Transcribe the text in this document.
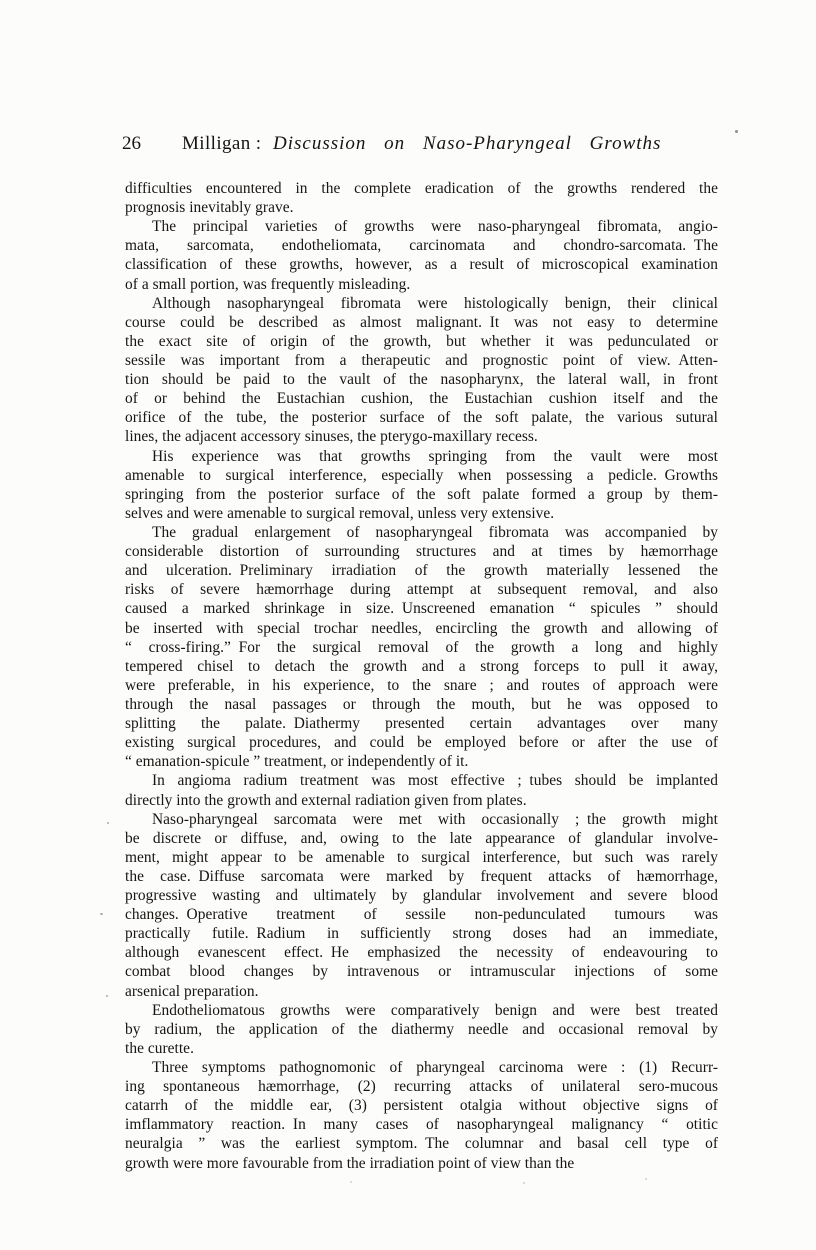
26 Milligan : Discussion on Naso-Pharyngeal Growths
difficulties encountered in the complete eradication of the growths rendered the
prognosis inevitably grave.
The principal varieties of growths were naso-pharyngeal fibromata, angio-
mata, sarcomata, endotheliomata, carcinomata and chondro-sarcomata. The
classification of these growths, however, as a result of microscopical examination
of a small portion, was frequently misleading.
Although nasopharyngeal fibromata were histologically benign, their clinical
course could be described as almost malignant. It was not easy to determine
the exact site of origin of the growth, but whether it was pedunculated or
sessile was important from a therapeutic and prognostic point of view. Atten-
tion should be paid to the vault of the nasopharynx, the lateral wall, in front
of or behind the Eustachian cushion, the Eustachian cushion itself and the
orifice of the tube, the posterior surface of the soft palate, the various sutural
lines, the adjacent accessory sinuses, the pterygo-maxillary recess.
His experience was that growths springing from the vault were most
amenable to surgical interference, especially when possessing a pedicle. Growths
springing from the posterior surface of the soft palate formed a group by them-
selves and were amenable to surgical removal, unless very extensive.
The gradual enlargement of nasopharyngeal fibromata was accompanied by
considerable distortion of surrounding structures and at times by hæmorrhage
and ulceration. Preliminary irradiation of the growth materially lessened the
risks of severe hæmorrhage during attempt at subsequent removal, and also
caused a marked shrinkage in size. Unscreened emanation “ spicules ” should
be inserted with special trochar needles, encircling the growth and allowing of
“ cross-firing.” For the surgical removal of the growth a long and highly
tempered chisel to detach the growth and a strong forceps to pull it away,
were preferable, in his experience, to the snare ; and routes of approach were
through the nasal passages or through the mouth, but he was opposed to
splitting the palate. Diathermy presented certain advantages over many
existing surgical procedures, and could be employed before or after the use of
“ emanation-spicule ” treatment, or independently of it.
In angioma radium treatment was most effective ; tubes should be implanted
directly into the growth and external radiation given from plates.
Naso-pharyngeal sarcomata were met with occasionally ; the growth might
be discrete or diffuse, and, owing to the late appearance of glandular involve-
ment, might appear to be amenable to surgical interference, but such was rarely
the case. Diffuse sarcomata were marked by frequent attacks of hæmorrhage,
progressive wasting and ultimately by glandular involvement and severe blood
changes. Operative treatment of sessile non-pedunculated tumours was
practically futile. Radium in sufficiently strong doses had an immediate,
although evanescent effect. He emphasized the necessity of endeavouring to
combat blood changes by intravenous or intramuscular injections of some
arsenical preparation.
Endotheliomatous growths were comparatively benign and were best treated
by radium, the application of the diathermy needle and occasional removal by
the curette.
Three symptoms pathognomonic of pharyngeal carcinoma were : (1) Recurr-
ing spontaneous hæmorrhage, (2) recurring attacks of unilateral sero-mucous
catarrh of the middle ear, (3) persistent otalgia without objective signs of
imflammatory reaction. In many cases of nasopharyngeal malignancy “ otitic
neuralgia ” was the earliest symptom. The columnar and basal cell type of
growth were more favourable from the irradiation point of view than the
